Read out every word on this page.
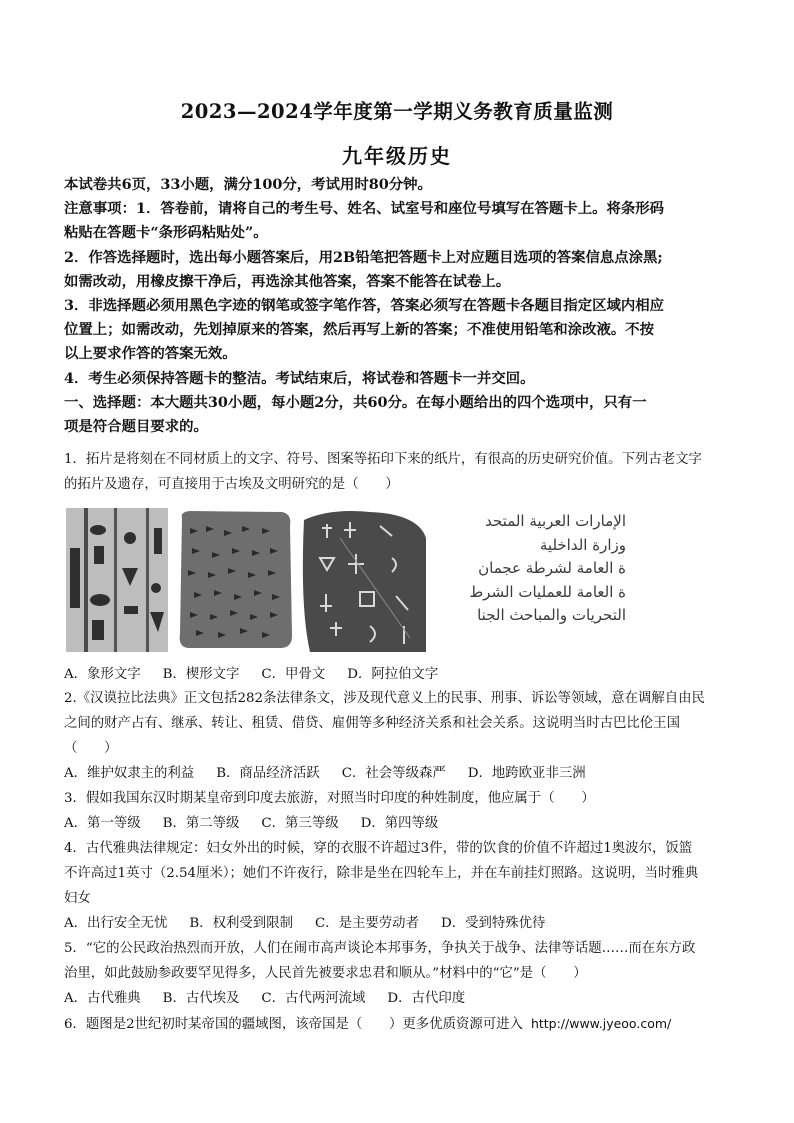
2023—2024学年度第一学期义务教育质量监测
九年级历史

本试卷共6页，33小题，满分100分，考试用时80分钟。

注意事项：1．答卷前，请将自己的考生号、姓名、试室号和座位号填写在答题卡上。将条形码

粘贴在答题卡“条形码粘贴处”。

2．作答选择题时，选出每小题答案后，用2B铅笔把答题卡上对应题目选项的答案信息点涂黑;

如需改动，用橡皮擦干净后，再选涂其他答案，答案不能答在试卷上。

3．非选择题必须用黑色字迹的钢笔或签字笔作答，答案必须写在答题卡各题目指定区域内相应

位置上；如需改动，先划掉原来的答案，然后再写上新的答案；不准使用铅笔和涂改液。不按

以上要求作答的答案无效。

4．考生必须保持答题卡的整洁。考试结束后，将试卷和答题卡一并交回。

一、选择题：本大题共30小题，每小题2分，共60分。在每小题给出的四个选项中，只有一

项是符合题目要求的。

1．拓片是将刻在不同材质上的文字、符号、图案等拓印下来的纸片，有很高的历史研究价值。下列古老文字

的拓片及遗存，可直接用于古埃及文明研究的是（　　）

الإمارات العربية المتحد
وزارة الداخلية
ة العامة لشرطة عجمان
ة العامة للعمليات الشرط
التحريات والمباحث الجنا
A．象形文字 B．楔形文字 C．甲骨文 D．阿拉伯文字

2.《汉谟拉比法典》正文包括282条法律条文，涉及现代意义上的民事、刑事、诉讼等领域，意在调解自由民

之间的财产占有、继承、转让、租赁、借贷、雇佣等多种经济关系和社会关系。这说明当时古巴比伦王国

（　　）

A．维护奴隶主的利益 B．商品经济活跃 C．社会等级森严 D．地跨欧亚非三洲

3．假如我国东汉时期某皇帝到印度去旅游，对照当时印度的种姓制度，他应属于（　　）

A．第一等级 B．第二等级 C．第三等级 D．第四等级

4．古代雅典法律规定：妇女外出的时候，穿的衣服不许超过3件，带的饮食的价值不许超过1奥波尔，饭篮

不许高过1英寸（2.54厘米）；她们不许夜行，除非是坐在四轮车上，并在车前挂灯照路。这说明，当时雅典

妇女

A．出行安全无忧 B．权利受到限制 C．是主要劳动者 D．受到特殊优待

5．“它的公民政治热烈而开放，人们在闹市高声谈论本邦事务，争执关于战争、法律等话题……而在东方政

治里，如此鼓励参政要罕见得多，人民首先被要求忠君和顺从。”材料中的“它”是（　　）

A．古代雅典 B．古代埃及 C．古代两河流域 D．古代印度

6．题图是2世纪初时某帝国的疆域图，该帝国是（　　）更多优质资源可进入 http://www.jyeoo.com/
